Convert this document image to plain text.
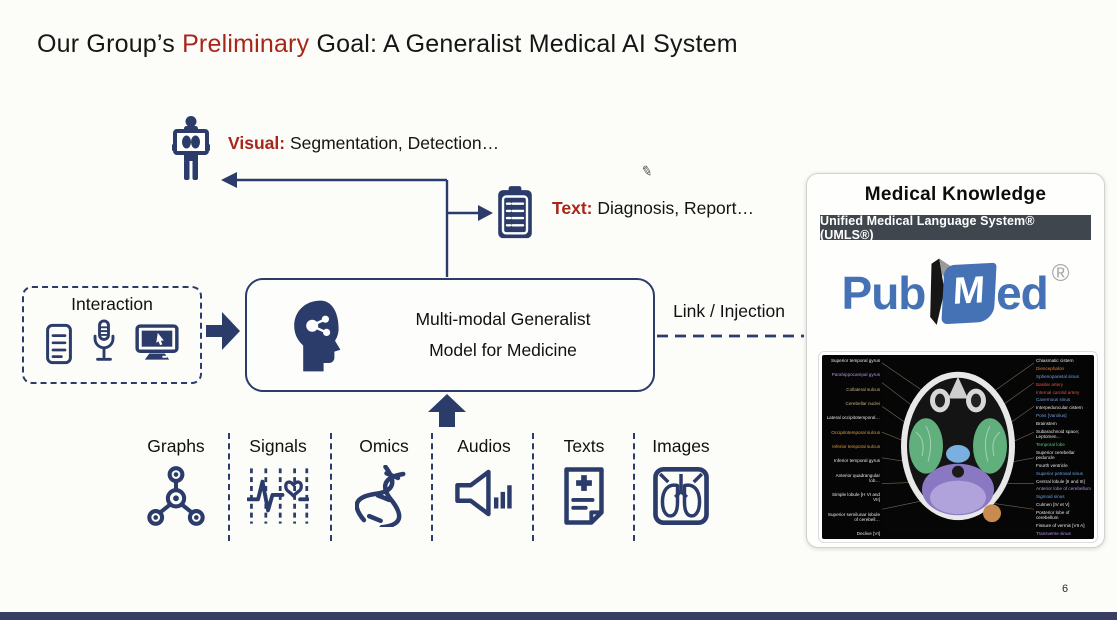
Our Group’s Preliminary Goal: A Generalist Medical AI System
Visual: Segmentation, Detection…
Text: Diagnosis, Report…
✎
Interaction
Multi-modal Generalist
Model for Medicine
Link / Injection
Graphs	Signals	Omics	Audios	Texts	Images
Medical Knowledge
Unified Medical Language System® (UMLS®)
Pub M ed ®
Superior temporal gyrus
Parahippocampal gyrus
Collateral sulcus
Cerebellar nuclei
Lateral occipitotemporal…
Occipitotemporal sulcus
Inferior temporal sulcus
Inferior temporal gyrus
Anterior quadrangular lob…
Simple lobule [H VI and VII]
Superior semilunar lobule of cerebell…
Declive [VI]
Chiasmatic cistern
Diencephalon
Sphenoparietal sinus
Basilar artery
Internal carotid artery
Cavernous sinus
Interpeduncular cistern
Pons [Varolius]
Brainstem
Subarachnoid space; Leptomen…
Temporal lobe
Superior cerebellar peduncle
Fourth ventricle
Superior petrosal sinus
Central lobule [II and III]
Anterior lobe of cerebellum
Sigmoid sinus
Culmen [IV et V]
Posterior lobe of cerebellum
Fissure of vermis [VII A]
Transverse sinus
6
